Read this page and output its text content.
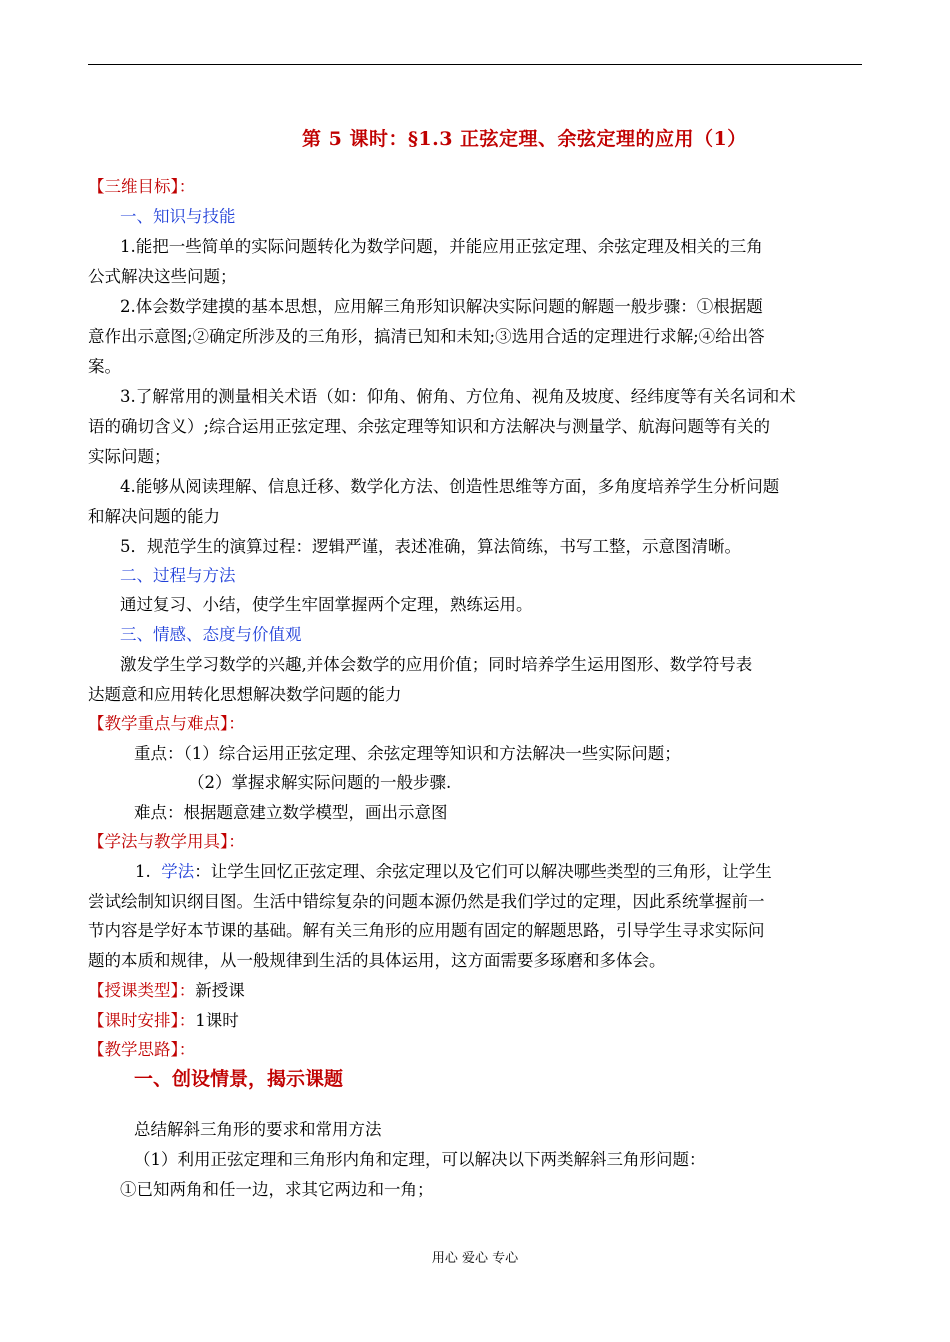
第 5 课时：§1.3 正弦定理、余弦定理的应用（1）
【三维目标】：
一、知识与技能
1.能把一些简单的实际问题转化为数学问题，并能应用正弦定理、余弦定理及相关的三角
公式解决这些问题；
2.体会数学建摸的基本思想，应用解三角形知识解决实际问题的解题一般步骤：①根据题
意作出示意图;②确定所涉及的三角形，搞清已知和未知;③选用合适的定理进行求解;④给出答
案。
3.了解常用的测量相关术语（如：仰角、俯角、方位角、视角及坡度、经纬度等有关名词和术
语的确切含义）;综合运用正弦定理、余弦定理等知识和方法解决与测量学、航海问题等有关的
实际问题；
4.能够从阅读理解、信息迁移、数学化方法、创造性思维等方面，多角度培养学生分析问题
和解决问题的能力
5．规范学生的演算过程：逻辑严谨，表述准确，算法简练，书写工整，示意图清晰。
二、过程与方法
通过复习、小结，使学生牢固掌握两个定理，熟练运用。
三、情感、态度与价值观
激发学生学习数学的兴趣,并体会数学的应用价值；同时培养学生运用图形、数学符号表
达题意和应用转化思想解决数学问题的能力
【教学重点与难点】：
重点：（1）综合运用正弦定理、余弦定理等知识和方法解决一些实际问题；
（2）掌握求解实际问题的一般步骤.
难点：根据题意建立数学模型，画出示意图
【学法与教学用具】：
1. 学法：让学生回忆正弦定理、余弦定理以及它们可以解决哪些类型的三角形，让学生
尝试绘制知识纲目图。生活中错综复杂的问题本源仍然是我们学过的定理，因此系统掌握前一
节内容是学好本节课的基础。解有关三角形的应用题有固定的解题思路，引导学生寻求实际问
题的本质和规律，从一般规律到生活的具体运用，这方面需要多琢磨和多体会。
【授课类型】：新授课
【课时安排】：1课时
【教学思路】：
一、创设情景，揭示课题
总结解斜三角形的要求和常用方法
（1）利用正弦定理和三角形内角和定理，可以解决以下两类解斜三角形问题：
①已知两角和任一边，求其它两边和一角；
用心 爱心 专心
